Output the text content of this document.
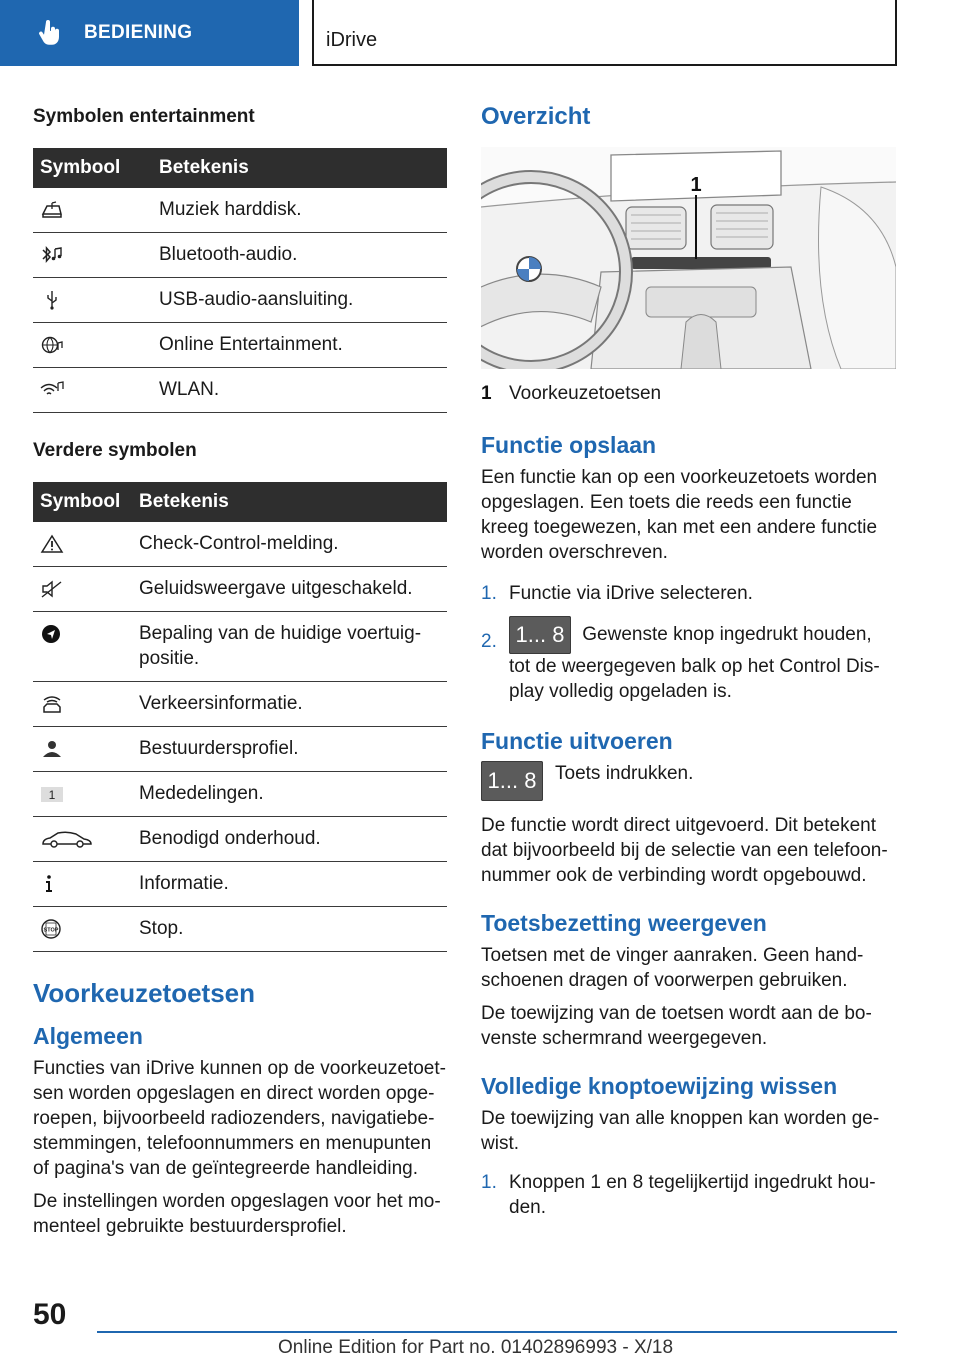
BEDIENING	iDrive
Symbolen entertainment
Symbool	Betekenis
	Muziek harddisk.
	Bluetooth-audio.
	USB-audio-aansluiting.
	Online Entertainment.
	WLAN.
Verdere symbolen
Symbool	Betekenis
	Check-Control-melding.
	Geluidsweergave uitgeschakeld.
	Bepaling van de huidige voertuigpositie.
	Verkeersinformatie.
	Bestuurdersprofiel.

1	Mededelingen.
	Benodigd onderhoud.
	Informatie.

STOP	Stop.
Voorkeuzetoetsen
Algemeen
Functies van iDrive kunnen op de voorkeuzetoetsen worden opgeslagen en direct worden opgeroepen, bijvoorbeeld radiozenders, navigatiebestemmingen, telefoonnummers en menupunten of pagina's van de geïntegreerde handleiding.
De instellingen worden opgeslagen voor het momenteel gebruikte bestuurdersprofiel.
Overzicht
1
1 Voorkeuzetoetsen
Functie opslaan
Een functie kan op een voorkeuzetoets worden opgeslagen. Een toets die reeds een functie kreeg toegewezen, kan met een andere functie worden overschreven.
1. Functie via iDrive selecteren.
2. 1... 8 Gewenste knop ingedrukt houden, tot de weergegeven balk op het Control Display volledig opgeladen is.
Functie uitvoeren
1... 8 Toets indrukken.
De functie wordt direct uitgevoerd. Dit betekent dat bijvoorbeeld bij de selectie van een telefoonnummer ook de verbinding wordt opgebouwd.
Toetsbezetting weergeven
Toetsen met de vinger aanraken. Geen handschoenen dragen of voorwerpen gebruiken.
De toewijzing van de toetsen wordt aan de bovenste schermrand weergegeven.
Volledige knoptoewijzing wissen
De toewijzing van alle knoppen kan worden gewist.
1. Knoppen 1 en 8 tegelijkertijd ingedrukt houden.
50
Online Edition for Part no. 01402896993 - X/18
